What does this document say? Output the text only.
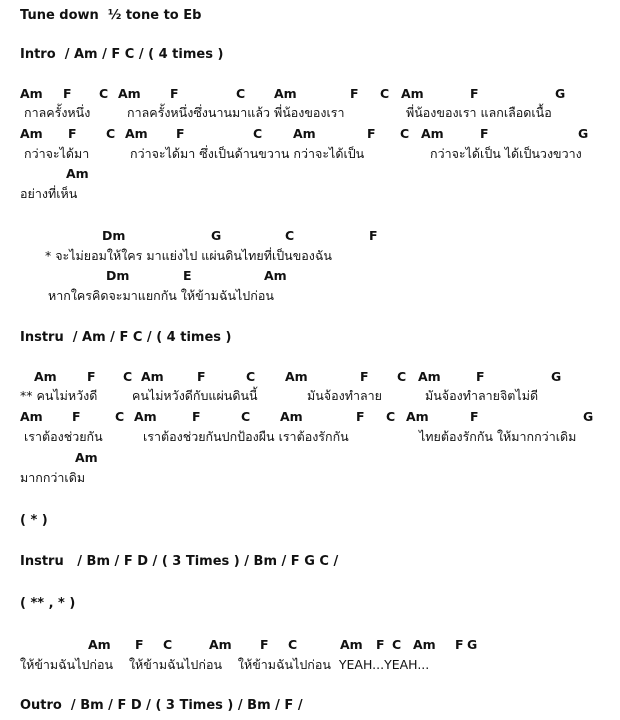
Tune down  ½ tone to Eb
Intro  / Am / F C / ( 4 times )
Am F C Am F	C Am	F C Am	F	G
กาลครั้งหนึ่ง	กาลครั้งหนึ่งซึ่งนานมาแล้ว พี่น้องของเรา	พี่น้องของเรา แลกเลือดเนื้อ
Am F C Am F	C Am	F C Am	F	G
กว่าจะได้มา	กว่าจะได้มา ซึ่งเป็นด้านขวาน กว่าจะได้เป็น	กว่าจะได้เป็น ได้เป็นวงขวาง
Am
อย่างที่เห็น
Dm	G	C	F
* จะไม่ยอมให้ใคร มาแย่งไป แผ่นดินไทยที่เป็นของฉัน
Dm	E	Am
หากใครคิดจะมาแยกกัน ให้ข้ามฉันไปก่อน
Instru  / Am / F C / ( 4 times )
Am F C Am	F	C Am	F C Am	F	G
** คนไม่หวังดี	คนไม่หวังดีกับแผ่นดินนี้	มันจ้องทำลาย	มันจ้องทำลายจิตไม่ดี
Am F	C Am	F	C Am	F C Am	F	G
เราต้องช่วยกัน	เราต้องช่วยกันปกป้องผืน เราต้องรักกัน	ไทยต้องรักกัน ให้มากกว่าเดิม
Am
มากกว่าเดิม
( * )
Instru   / Bm / F D / ( 3 Times ) / Bm / F G C /
( ** , * )
Am F C	Am F C	Am F C Am F G
ให้ข้ามฉันไปก่อน    ให้ข้ามฉันไปก่อน    ให้ข้ามฉันไปก่อน  YEAH...YEAH...
Outro  / Bm / F D / ( 3 Times ) / Bm / F /
